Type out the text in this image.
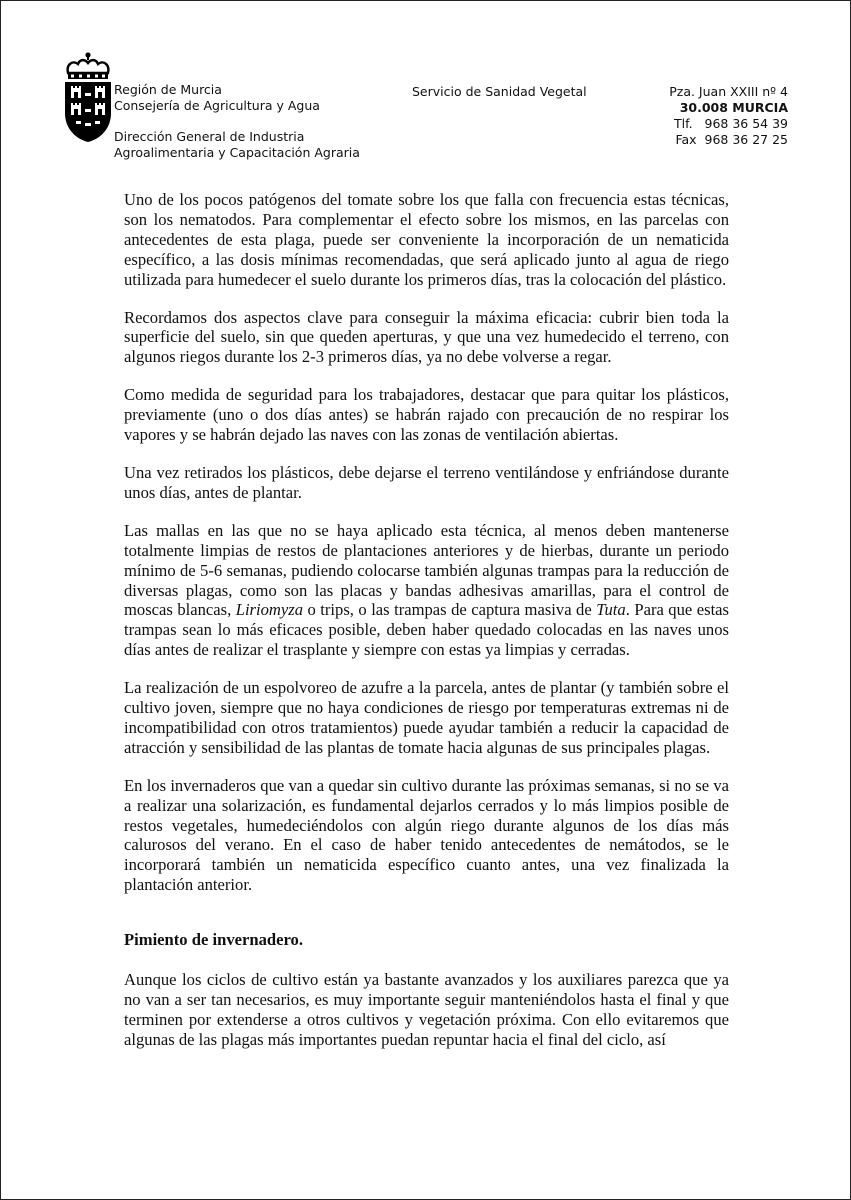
Región de Murcia
Consejería de Agricultura y Agua
Dirección General de Industria
Agroalimentaria y Capacitación Agraria
Servicio de Sanidad Vegetal	Pza. Juan XXIII nº 4
30.008 MURCIA
Tlf.   968 36 54 39
Fax  968 36 27 25

Uno de los pocos patógenos del tomate sobre los que falla con frecuencia estas técnicas, son los nematodos. Para complementar el efecto sobre los mismos, en las parcelas con antecedentes de esta plaga, puede ser conveniente la incorporación de un nematicida específico, a las dosis mínimas recomendadas, que será aplicado junto al agua de riego utilizada para humedecer el suelo durante los primeros días, tras la colocación del plástico.

Recordamos dos aspectos clave para conseguir la máxima eficacia: cubrir bien toda la superficie del suelo, sin que queden aperturas, y que una vez humedecido el terreno, con algunos riegos durante los 2-3 primeros días, ya no debe volverse a regar.

Como medida de seguridad para los trabajadores, destacar que para quitar los plásticos, previamente (uno o dos días antes) se habrán rajado con precaución de no respirar los vapores y se habrán dejado las naves con las zonas de ventilación abiertas.

Una vez retirados los plásticos, debe dejarse el terreno ventilándose y enfriándose durante unos días, antes de plantar.

Las mallas en las que no se haya aplicado esta técnica, al menos deben mantenerse totalmente limpias de restos de plantaciones anteriores y de hierbas, durante un periodo mínimo de 5-6 semanas, pudiendo colocarse también algunas trampas para la reducción de diversas plagas, como son las placas y bandas adhesivas amarillas, para el control de moscas blancas, Liriomyza o trips, o las trampas de captura masiva de Tuta. Para que estas trampas sean lo más eficaces posible, deben haber quedado colocadas en las naves unos días antes de realizar el trasplante y siempre con estas ya limpias y cerradas.

La realización de un espolvoreo de azufre a la parcela, antes de plantar (y también sobre el cultivo joven, siempre que no haya condiciones de riesgo por temperaturas extremas ni de incompatibilidad con otros tratamientos) puede ayudar también a reducir la capacidad de atracción y sensibilidad de las plantas de tomate hacia algunas de sus principales plagas.

En los invernaderos que van a quedar sin cultivo durante las próximas semanas, si no se va a realizar una solarización, es fundamental dejarlos cerrados y lo más limpios posible de restos vegetales, humedeciéndolos con algún riego durante algunos de los días más calurosos del verano. En el caso de haber tenido antecedentes de nemátodos, se le incorporará también un nematicida específico cuanto antes, una vez finalizada la plantación anterior.

Pimiento de invernadero.

Aunque los ciclos de cultivo están ya bastante avanzados y los auxiliares parezca que ya no van a ser tan necesarios, es muy importante seguir manteniéndolos hasta el final y que terminen por extenderse a otros cultivos y vegetación próxima. Con ello evitaremos que algunas de las plagas más importantes puedan repuntar hacia el final del ciclo, así
